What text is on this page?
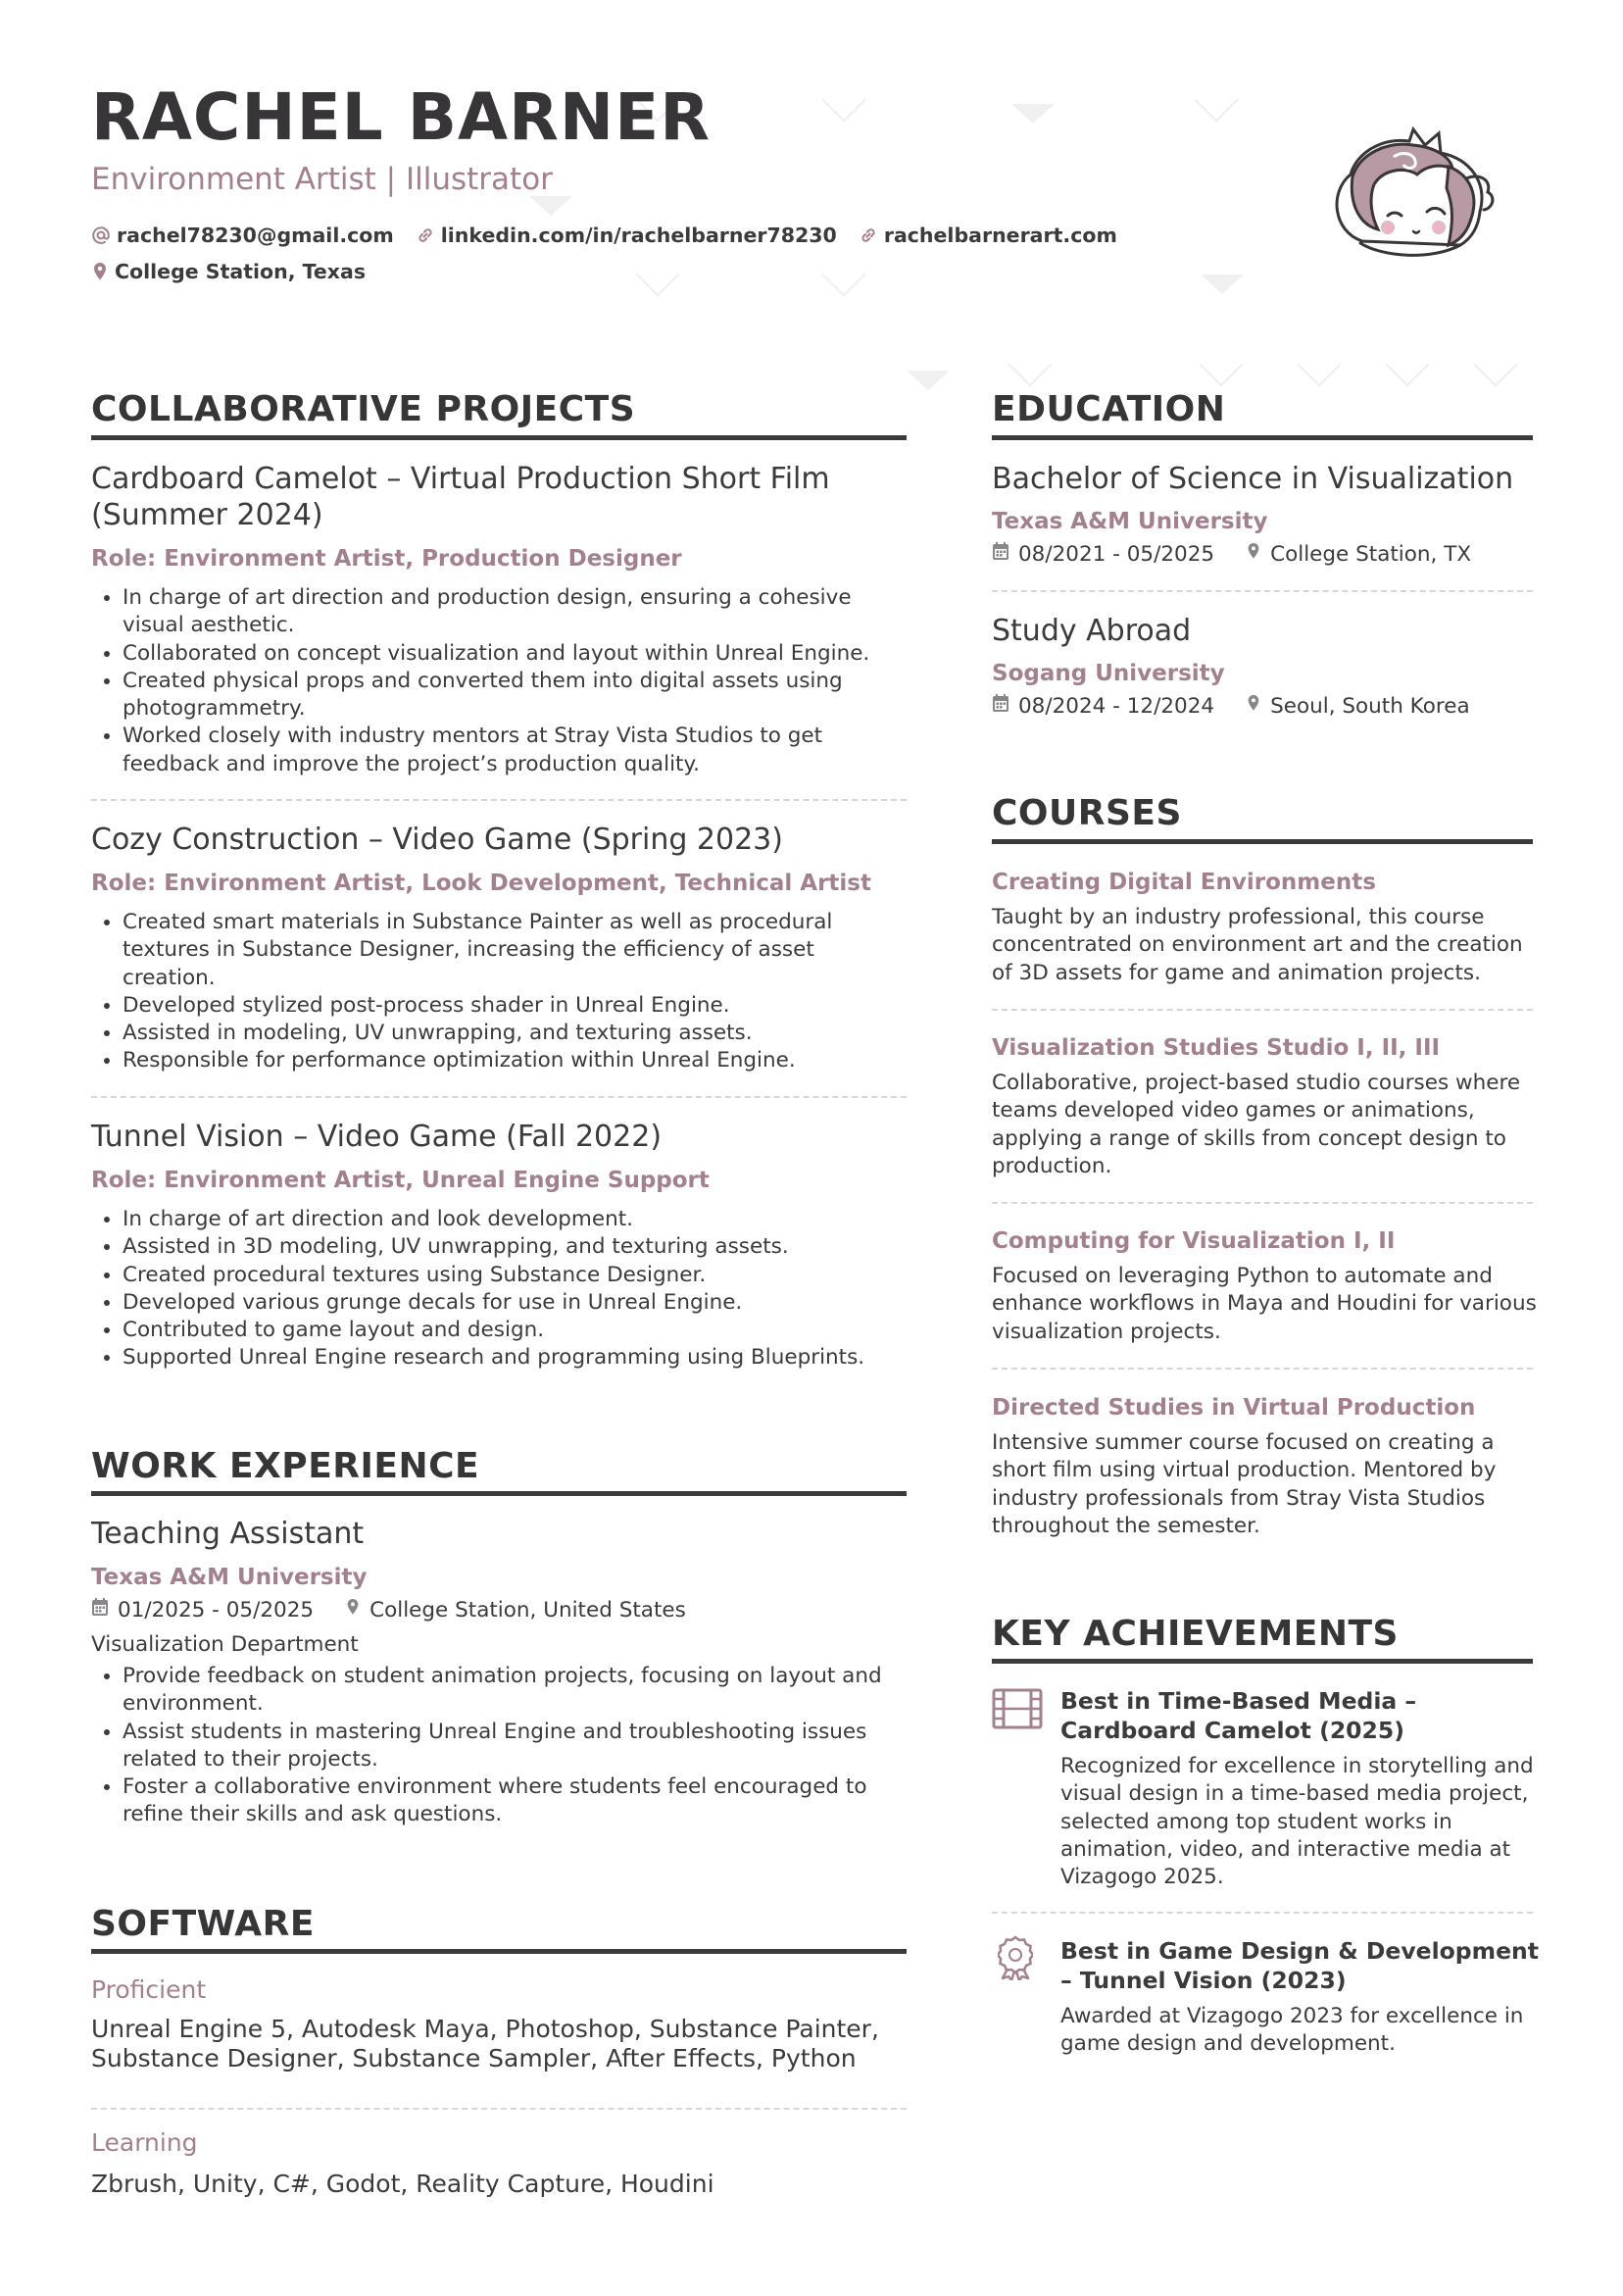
RACHEL BARNER
Environment Artist | Illustrator
rachel78230@gmail.com linkedin.com/in/rachelbarner78230 rachelbarnerart.com
College Station, Texas
COLLABORATIVE PROJECTS
Cardboard Camelot – Virtual Production Short Film
(Summer 2024)
Role: Environment Artist, Production Designer
• In charge of art direction and production design, ensuring a cohesive visual aesthetic.
• Collaborated on concept visualization and layout within Unreal Engine.
• Created physical props and converted them into digital assets using photogrammetry.
• Worked closely with industry mentors at Stray Vista Studios to get feedback and improve the project’s production quality.
Cozy Construction – Video Game (Spring 2023)
Role: Environment Artist, Look Development, Technical Artist
• Created smart materials in Substance Painter as well as procedural textures in Substance Designer, increasing the efficiency of asset creation.
• Developed stylized post-process shader in Unreal Engine.
• Assisted in modeling, UV unwrapping, and texturing assets.
• Responsible for performance optimization within Unreal Engine.
Tunnel Vision – Video Game (Fall 2022)
Role: Environment Artist, Unreal Engine Support
• In charge of art direction and look development.
• Assisted in 3D modeling, UV unwrapping, and texturing assets.
• Created procedural textures using Substance Designer.
• Developed various grunge decals for use in Unreal Engine.
• Contributed to game layout and design.
• Supported Unreal Engine research and programming using Blueprints.
WORK EXPERIENCE
Teaching Assistant
Texas A&M University
01/2025 - 05/2025	College Station, United States
Visualization Department
• Provide feedback on student animation projects, focusing on layout and environment.
• Assist students in mastering Unreal Engine and troubleshooting issues related to their projects.
• Foster a collaborative environment where students feel encouraged to refine their skills and ask questions.
SOFTWARE
Proficient
Unreal Engine 5, Autodesk Maya, Photoshop, Substance Painter, Substance Designer, Substance Sampler, After Effects, Python
Learning
Zbrush, Unity, C#, Godot, Reality Capture, Houdini
EDUCATION
Bachelor of Science in Visualization
Texas A&M University
08/2021 - 05/2025	College Station, TX
Study Abroad
Sogang University
08/2024 - 12/2024	Seoul, South Korea
COURSES
Creating Digital Environments
Taught by an industry professional, this course concentrated on environment art and the creation of 3D assets for game and animation projects.
Visualization Studies Studio I, II, III
Collaborative, project-based studio courses where teams developed video games or animations, applying a range of skills from concept design to production.
Computing for Visualization I, II
Focused on leveraging Python to automate and enhance workflows in Maya and Houdini for various visualization projects.
Directed Studies in Virtual Production
Intensive summer course focused on creating a short film using virtual production. Mentored by industry professionals from Stray Vista Studios throughout the semester.
KEY ACHIEVEMENTS
Best in Time-Based Media – Cardboard Camelot (2025)
Recognized for excellence in storytelling and visual design in a time-based media project, selected among top student works in animation, video, and interactive media at Vizagogo 2025.
Best in Game Design & Development – Tunnel Vision (2023)
Awarded at Vizagogo 2023 for excellence in game design and development.
